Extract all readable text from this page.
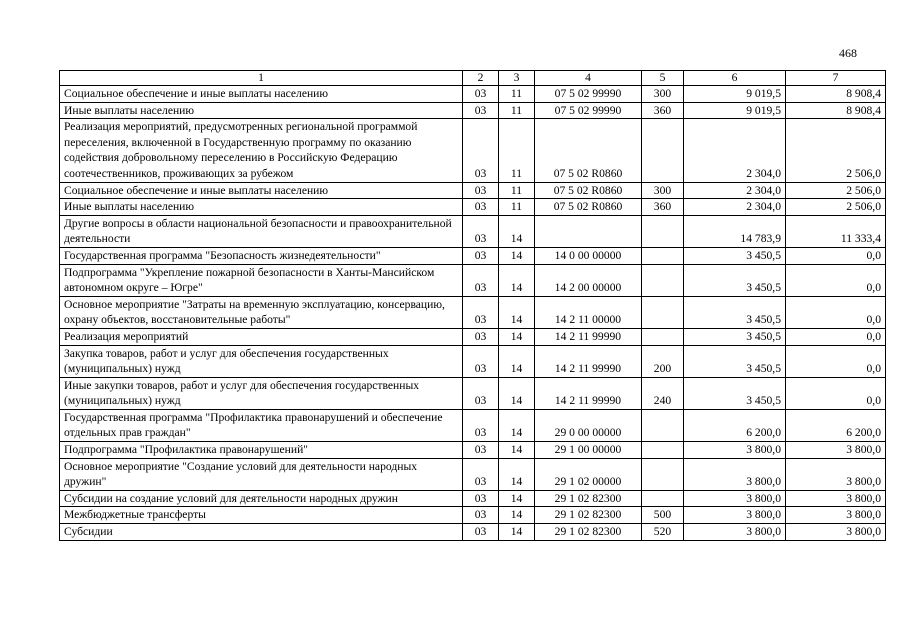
468
1	2	3	4	5	6	7
Социальное обеспечение и иные выплаты населению	03	11	07 5 02 99990	300	9 019,5	8 908,4
Иные выплаты населению	03	11	07 5 02 99990	360	9 019,5	8 908,4
Реализация мероприятий, предусмотренных региональной программой переселения, включенной в Государственную программу по оказанию содействия добровольному переселению в Российскую Федерацию соотечественников, проживающих за рубежом	03	11	07 5 02 R0860		2 304,0	2 506,0
Социальное обеспечение и иные выплаты населению	03	11	07 5 02 R0860	300	2 304,0	2 506,0
Иные выплаты населению	03	11	07 5 02 R0860	360	2 304,0	2 506,0
Другие вопросы в области национальной безопасности и правоохранительной деятельности	03	14			14 783,9	11 333,4
Государственная программа "Безопасность жизнедеятельности"	03	14	14 0 00 00000		3 450,5	0,0
Подпрограмма "Укрепление пожарной безопасности в Ханты-Мансийском автономном округе – Югре"	03	14	14 2 00 00000		3 450,5	0,0
Основное мероприятие "Затраты на временную эксплуатацию, консервацию, охрану объектов, восстановительные работы"	03	14	14 2 11 00000		3 450,5	0,0
Реализация мероприятий	03	14	14 2 11 99990		3 450,5	0,0
Закупка товаров, работ и услуг для обеспечения государственных (муниципальных) нужд	03	14	14 2 11 99990	200	3 450,5	0,0
Иные закупки товаров, работ и услуг для обеспечения государственных (муниципальных) нужд	03	14	14 2 11 99990	240	3 450,5	0,0
Государственная программа "Профилактика правонарушений и обеспечение отдельных прав граждан"	03	14	29 0 00 00000		6 200,0	6 200,0
Подпрограмма "Профилактика правонарушений"	03	14	29 1 00 00000		3 800,0	3 800,0
Основное мероприятие "Создание условий для деятельности народных дружин"	03	14	29 1 02 00000		3 800,0	3 800,0
Субсидии на создание условий для деятельности народных дружин	03	14	29 1 02 82300		3 800,0	3 800,0
Межбюджетные трансферты	03	14	29 1 02 82300	500	3 800,0	3 800,0
Субсидии	03	14	29 1 02 82300	520	3 800,0	3 800,0
